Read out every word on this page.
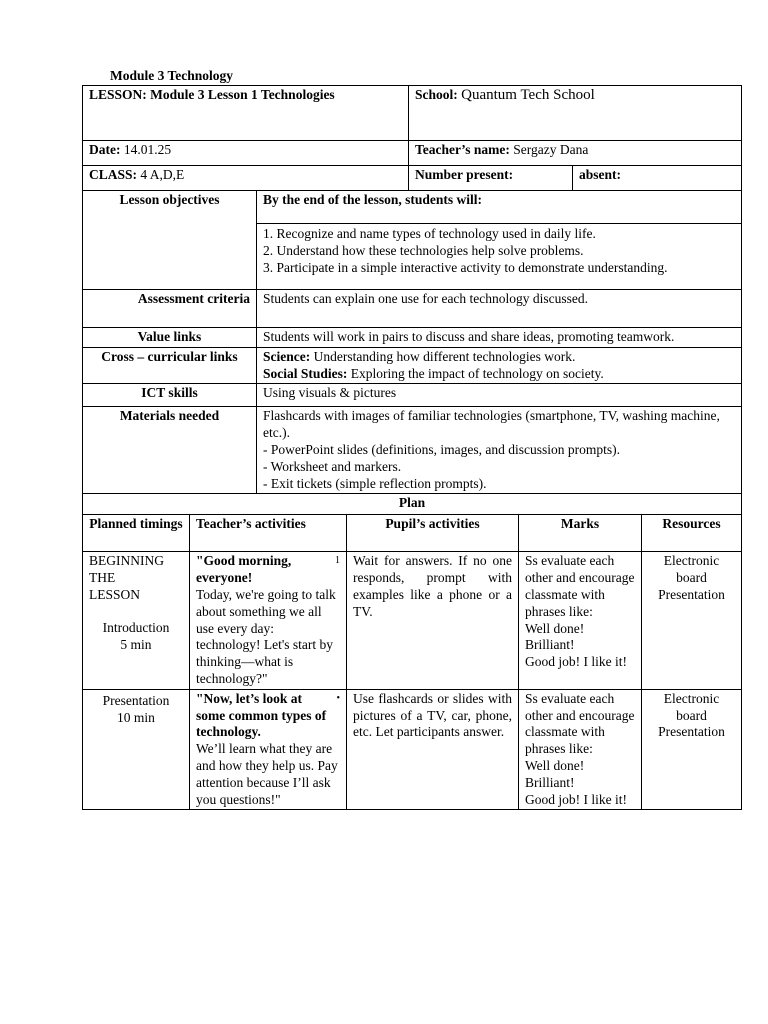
Module 3 Technology
LESSON: Module 3 Lesson 1 Technologies				School: Quantum Tech School			
Date: 14.01.25				Teacher’s name: Sergazy Dana			
CLASS: 4 A,D,E				Number present:		absent:	
Lesson objectives		By the end of the lesson, students will:					

		1. Recognize and name types of technology used in daily life.
2. Understand how these technologies help solve problems.
3. Participate in a simple interactive activity to demonstrate understanding.					

Assessment criteria		Students can explain one use for each technology discussed.					
Value links		Students will work in pairs to discuss and share ideas, promoting teamwork.					
Cross – curricular links		Science: Understanding how different technologies work.
Social Studies: Exploring the impact of technology on society.					

ICT skills		Using visuals & pictures					
Materials needed		Flashcards with images of familiar technologies (smartphone, TV, washing machine, etc.).
- PowerPoint slides (definitions, images, and discussion prompts).
- Worksheet and markers.
- Exit tickets (simple reflection prompts).					

Plan							
Planned timings	Teacher’s activities		Pupil’s activities		Marks		Resources

BEGINNING
THE
LESSON
Introduction
5 min	1
"Good morning, everyone!
Today, we're going to talk about something we all use every day: technology! Let's start by thinking—what is technology?"		Wait for answers. If no one responds, prompt with examples like a phone or a TV.		Ss evaluate each other and encourage classmate with phrases like:
Well done!
Brilliant!
Good job! I like it!		Electronic board Presentation

Presentation
10 min	•
"Now, let’s look at some common types of technology.
We’ll learn what they are and how they help us. Pay attention because I’ll ask you questions!"		Use flashcards or slides with pictures of a TV, car, phone, etc. Let participants answer.		Ss evaluate each other and encourage classmate with phrases like:
Well done!
Brilliant!
Good job! I like it!		Electronic board Presentation
